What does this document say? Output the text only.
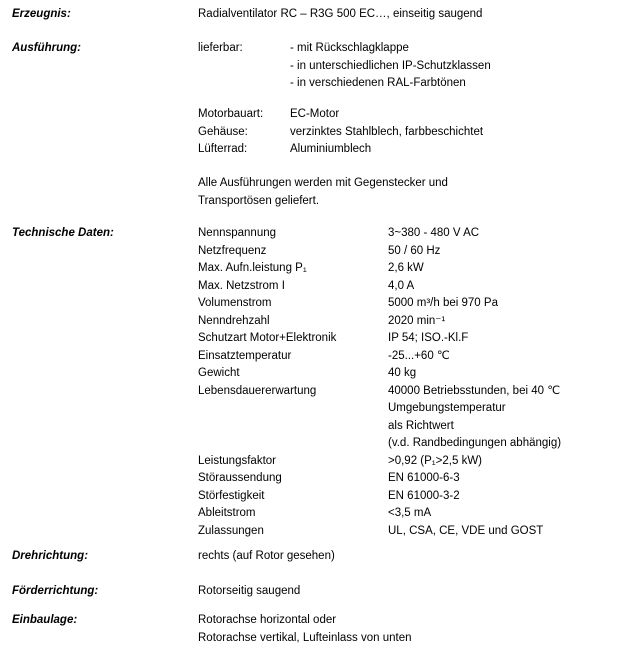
Erzeugnis:	Radialventilator RC – R3G 500 EC…, einseitig saugend
Ausführung:	lieferbar:	- mit Rückschlagklappe
- in unterschiedlichen IP-Schutzklassen
- in verschiedenen RAL-Farbtönen
Motorbauart:	EC-Motor
Gehäuse:	verzinktes Stahlblech, farbbeschichtet
Lüfterrad:	Aluminiumblech
Alle Ausführungen werden mit Gegenstecker und
Transportösen geliefert.
Technische Daten:	Nennspannung	3~380 - 480 V AC
Netzfrequenz	50 / 60 Hz
Max. Aufn.leistung P₁	2,6 kW
Max. Netzstrom I	4,0 A
Volumenstrom	5000 m³/h bei 970 Pa
Nenndrehzahl	2020 min⁻¹
Schutzart Motor+Elektronik	IP 54; ISO.-Kl.F
Einsatztemperatur	-25...+60 ℃
Gewicht	40 kg
Lebensdauererwartung	40000 Betriebsstunden, bei 40 ℃
Umgebungstemperatur
als Richtwert
(v.d. Randbedingungen abhängig)
Leistungsfaktor	>0,92 (P₁>2,5 kW)
Störaussendung	EN 61000-6-3
Störfestigkeit	EN 61000-3-2
Ableitstrom	<3,5 mA
Zulassungen	UL, CSA, CE, VDE und GOST
Drehrichtung:	rechts (auf Rotor gesehen)
Förderrichtung:	Rotorseitig saugend
Einbaulage:	Rotorachse horizontal oder
Rotorachse vertikal, Lufteinlass von unten
